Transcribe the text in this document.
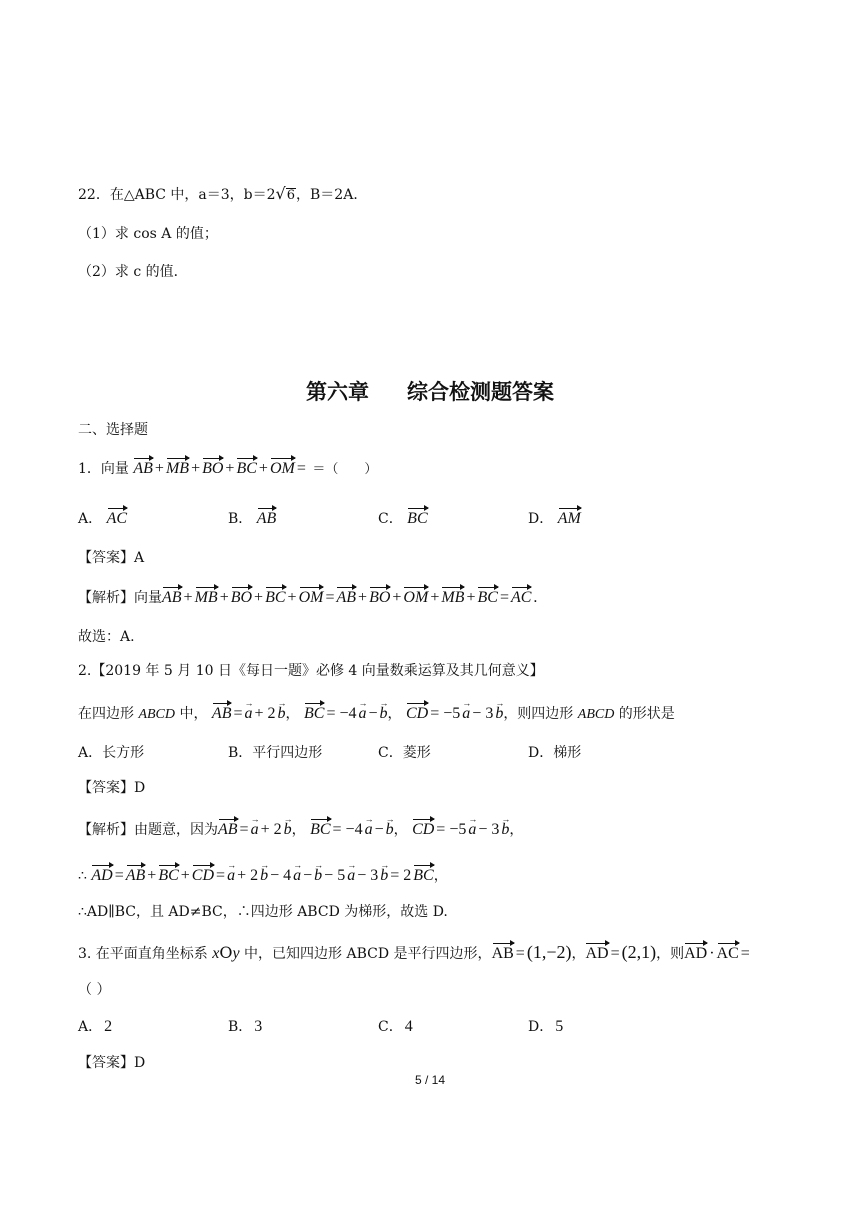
22．在△ABC 中，a＝3，b＝2√6，B＝2A．
（1）求 cos A 的值；
（2）求 c 的值．
第六章 综合检测题答案
二、选择题
1．向量 AB + MB + BO + BC + OM = ＝（　　）
A． AC	B． AB	C． BC	D． AM
【答案】A
【解析】向量AB + MB + BO + BC + OM = AB + BO + OM + MB + BC = AC .
故选：A.
2.【2019 年 5 月 10 日《每日一题》必修 4 向量数乘运算及其几何意义】
在四边形 ABCD 中， AB = a → + 2 b →， BC = −4 a → − b →， CD = −5 a → − 3 b →，则四边形 ABCD 的形状是
A．长方形	B．平行四边形	C．菱形	D．梯形
【答案】D
【解析】由题意，因为AB = a → + 2 b →， BC = −4 a → − b →， CD = −5 a → − 3 b →，
∴ AD = AB + BC + CD = a → + 2 b → − 4 a → − b → − 5 a → − 3 b → = 2 BC，
∴AD∥BC，且 AD≠BC，∴四边形 ABCD 为梯形，故选 D.
3. 在平面直角坐标系 xOy 中，已知四边形 ABCD 是平行四边形，AB = (1,−2)，AD = (2,1)，则AD · AC =
（ ）
A． 2	B． 3	C． 4	D． 5
【答案】D
5 / 14
